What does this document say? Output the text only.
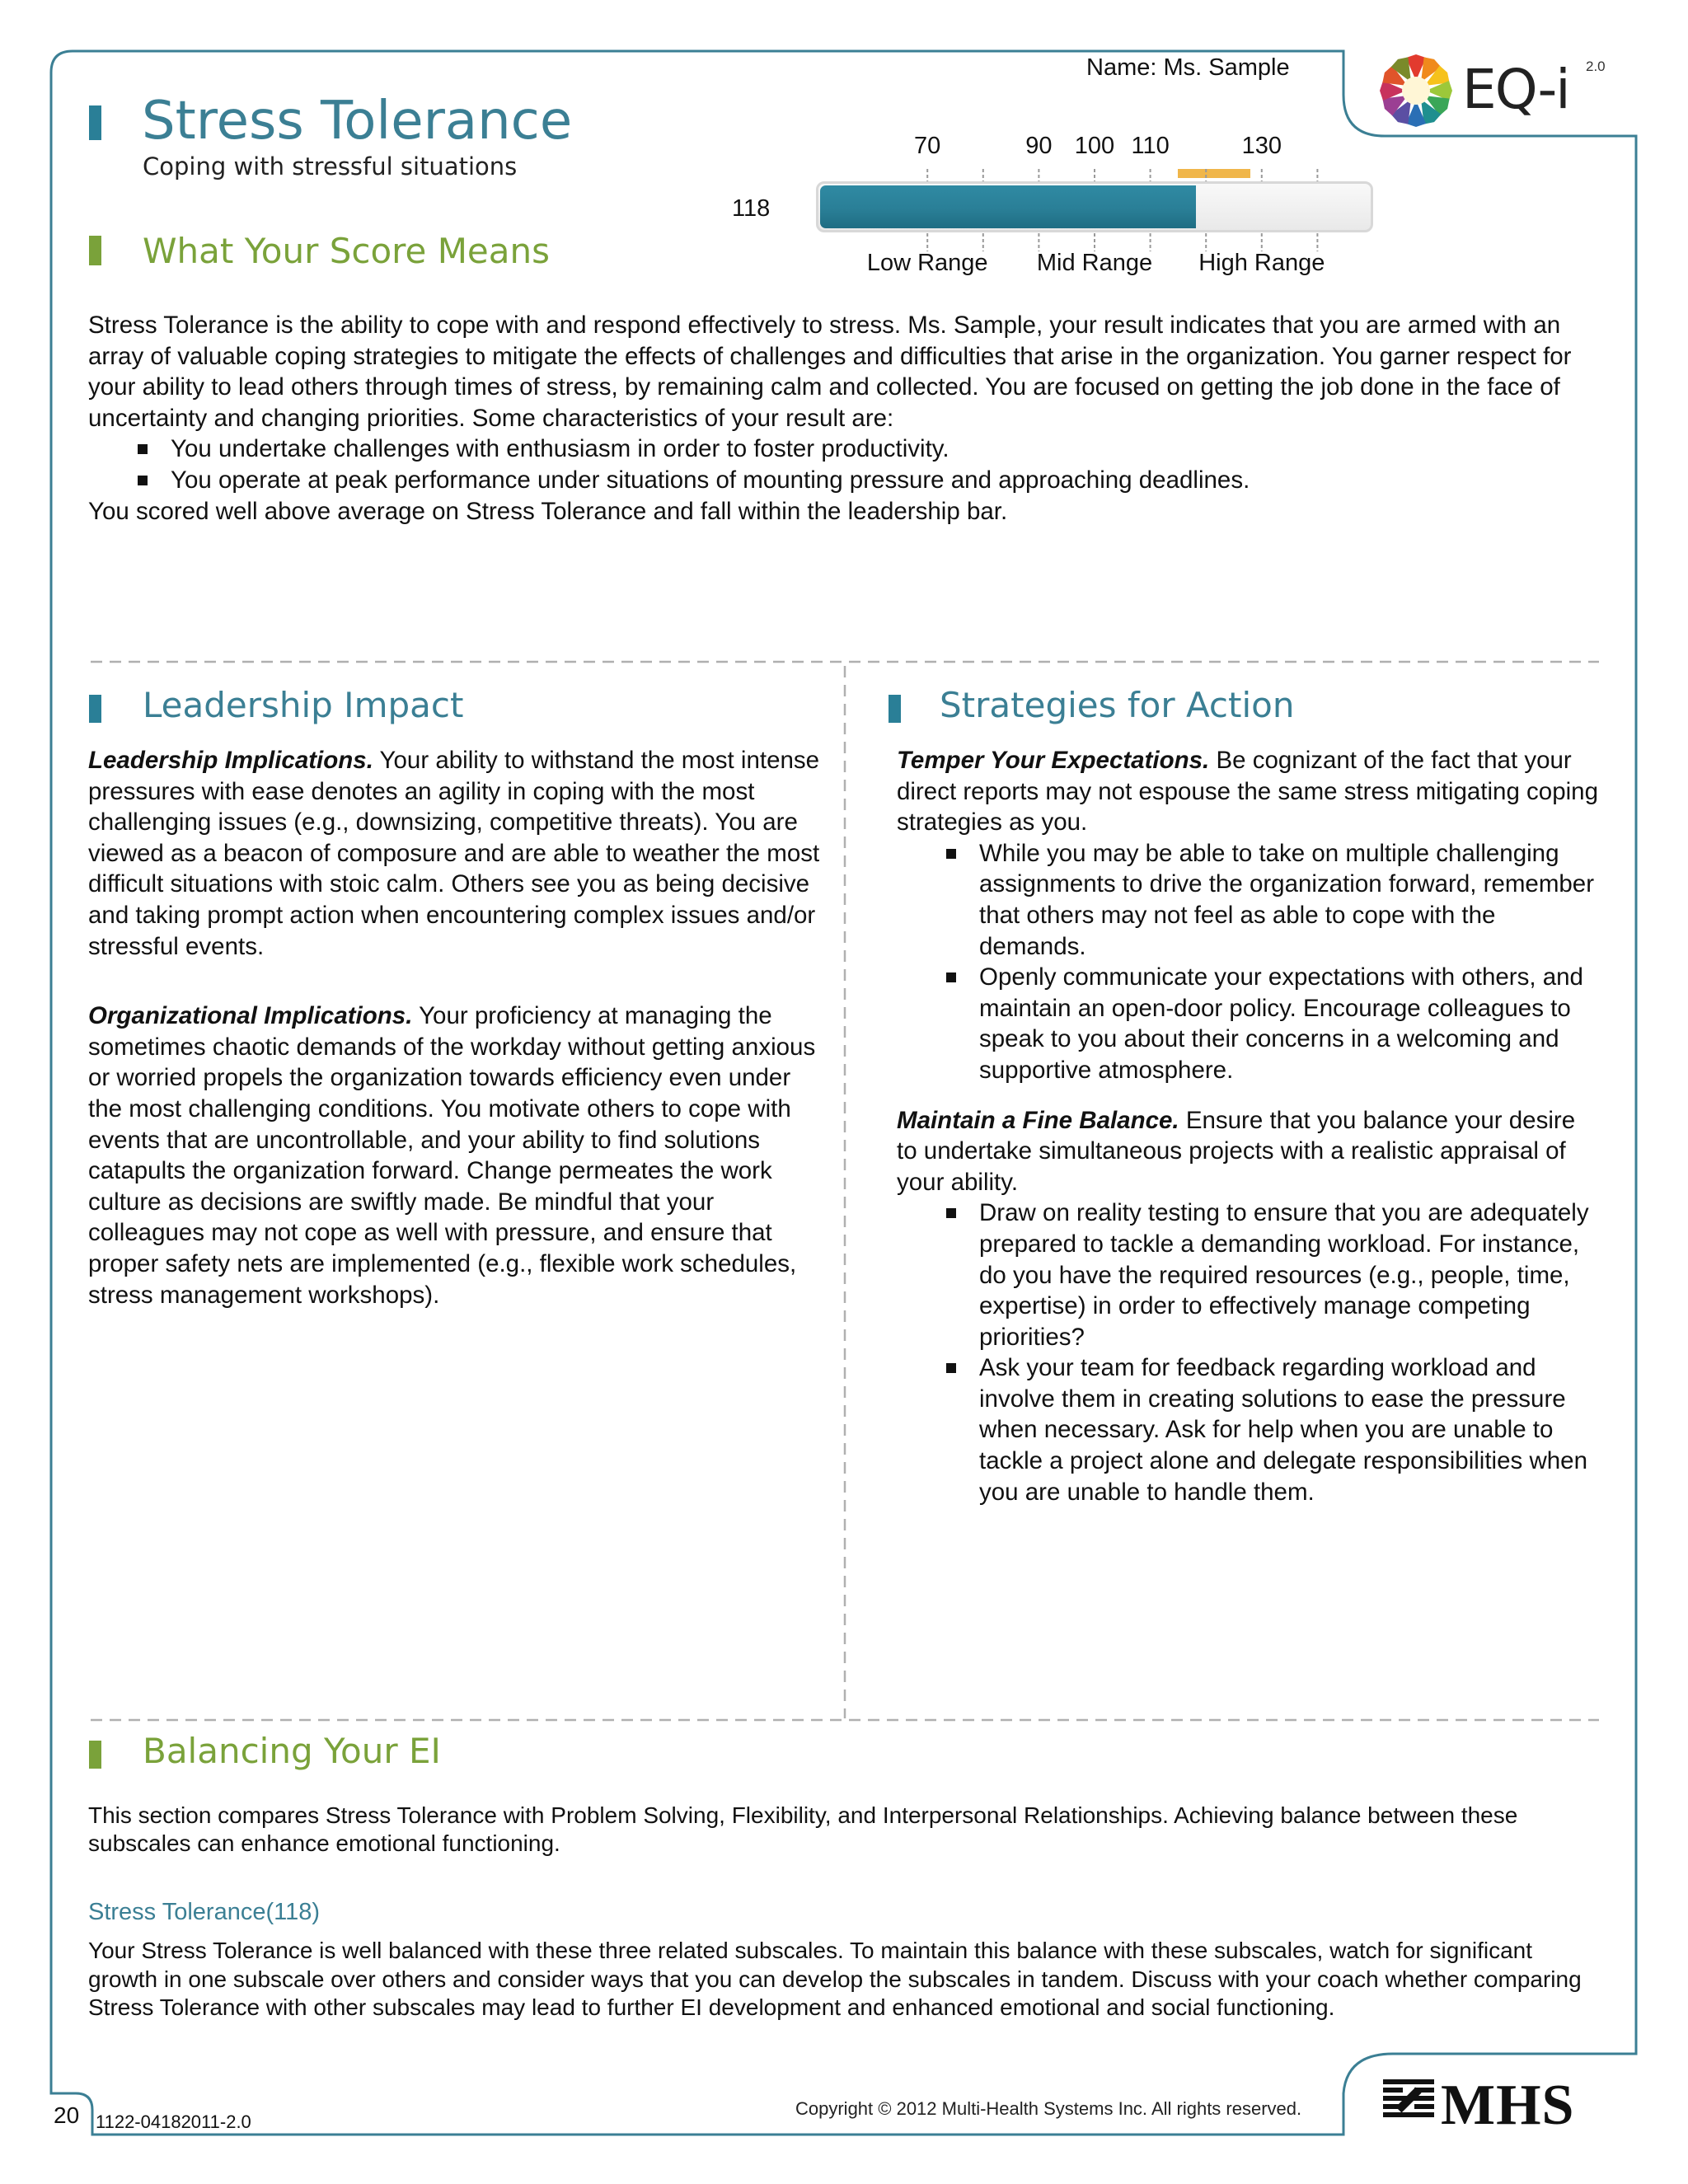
Name: Ms. Sample	EQ-i 2.0
Stress Tolerance
Coping with stressful situations
118
70	90 100 110	130
Low Range Mid Range High Range
What Your Score Means

Stress Tolerance is the ability to cope with and respond effectively to stress. Ms. Sample, your result indicates that you are armed with an array of valuable coping strategies to mitigate the effects of challenges and difficulties that arise in the organization. You garner respect for your ability to lead others through times of stress, by remaining calm and collected. You are focused on getting the job done in the face of uncertainty and changing priorities. Some characteristics of your result are:

You undertake challenges with enthusiasm in order to foster productivity.
You operate at peak performance under situations of mounting pressure and approaching deadlines.

You scored well above average on Stress Tolerance and fall within the leadership bar.

Leadership Impact

Leadership Implications. Your ability to withstand the most intense pressures with ease denotes an agility in coping with the most challenging issues (e.g., downsizing, competitive threats). You are viewed as a beacon of composure and are able to weather the most difficult situations with stoic calm. Others see you as being decisive and taking prompt action when encountering complex issues and/or stressful events.

Organizational Implications. Your proficiency at managing the sometimes chaotic demands of the workday without getting anxious or worried propels the organization towards efficiency even under the most challenging conditions. You motivate others to cope with events that are uncontrollable, and your ability to find solutions catapults the organization forward. Change permeates the work culture as decisions are swiftly made. Be mindful that your colleagues may not cope as well with pressure, and ensure that proper safety nets are implemented (e.g., flexible work schedules, stress management workshops).

Strategies for Action

Temper Your Expectations. Be cognizant of the fact that your direct reports may not espouse the same stress mitigating coping strategies as you.

While you may be able to take on multiple challenging assignments to drive the organization forward, remember that others may not feel as able to cope with the demands.
Openly communicate your expectations with others, and maintain an open-door policy. Encourage colleagues to speak to you about their concerns in a welcoming and supportive atmosphere.

Maintain a Fine Balance. Ensure that you balance your desire to undertake simultaneous projects with a realistic appraisal of your ability.

Draw on reality testing to ensure that you are adequately prepared to tackle a demanding workload. For instance, do you have the required resources (e.g., people, time, expertise) in order to effectively manage competing priorities?
Ask your team for feedback regarding workload and involve them in creating solutions to ease the pressure when necessary. Ask for help when you are unable to tackle a project alone and delegate responsibilities when you are unable to handle them.
Balancing Your EI
This section compares Stress Tolerance with Problem Solving, Flexibility, and Interpersonal Relationships. Achieving balance between these subscales can enhance emotional functioning.
Stress Tolerance(118)
Your Stress Tolerance is well balanced with these three related subscales. To maintain this balance with these subscales, watch for significant growth in one subscale over others and consider ways that you can develop the subscales in tandem. Discuss with your coach whether comparing Stress Tolerance with other subscales may lead to further EI development and enhanced emotional and social functioning.
20 1122-04182011-2.0
Copyright © 2012 Multi-Health Systems Inc. All rights reserved. MHS
